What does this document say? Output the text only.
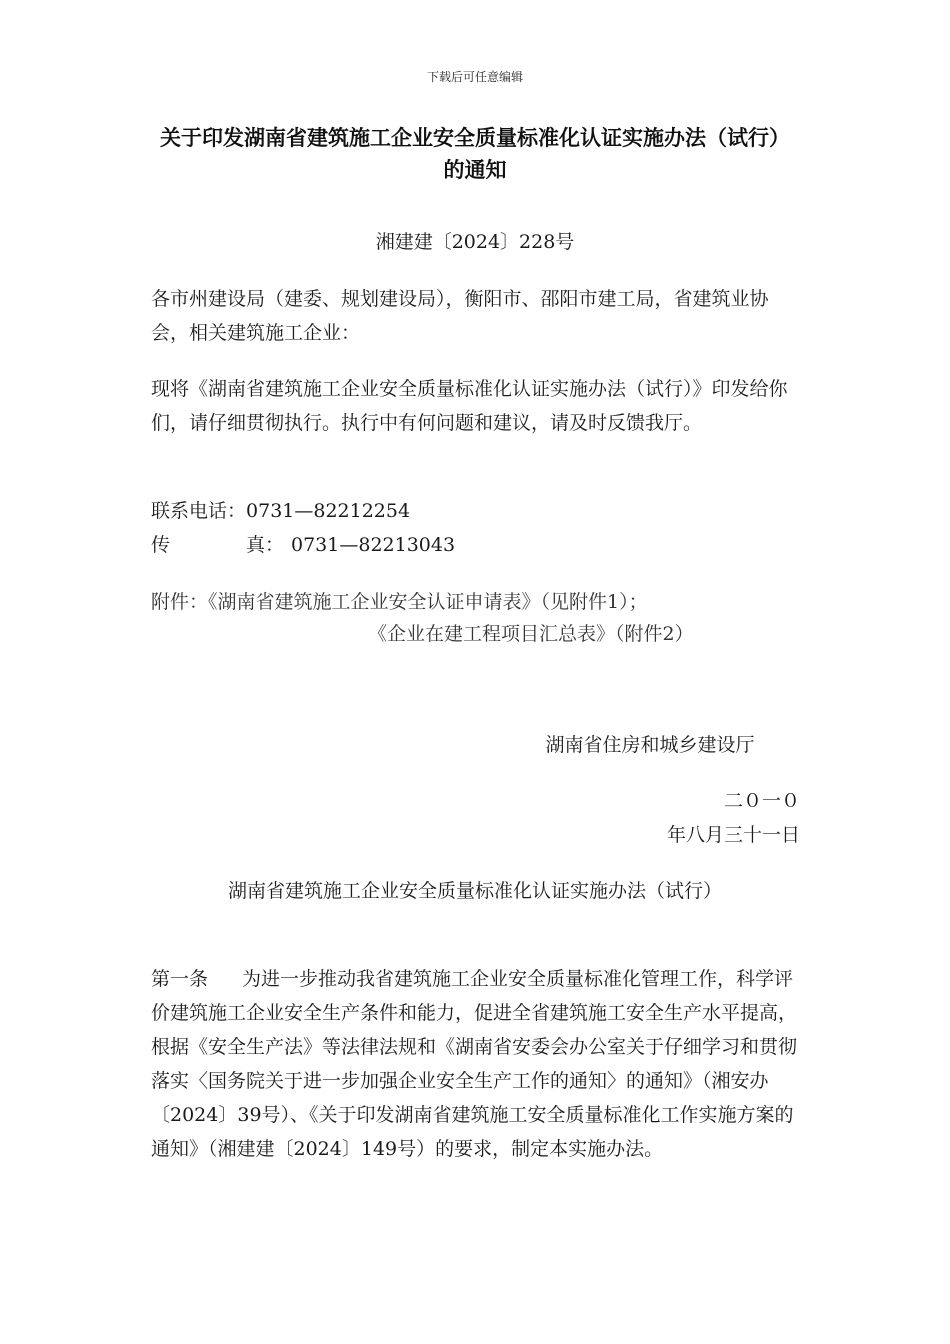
下载后可任意编辑
关于印发湖南省建筑施工企业安全质量标准化认证实施办法（试行）的通知
湘建建〔2024〕228号

各市州建设局（建委、规划建设局），衡阳市、邵阳市建工局，省建筑业协会，相关建筑施工企业：

现将《湖南省建筑施工企业安全质量标准化认证实施办法（试行）》印发给你们，请仔细贯彻执行。执行中有何问题和建议，请及时反馈我厅。

联系电话：0731—82212254
传　　　　真： 0731—82213043
附件：《湖南省建筑施工企业安全认证申请表》（见附件1）；
《企业在建工程项目汇总表》（附件2）
湖南省住房和城乡建设厅
二０一０
年八月三十一日
湖南省建筑施工企业安全质量标准化认证实施办法（试行）

第一条 为进一步推动我省建筑施工企业安全质量标准化管理工作，科学评价建筑施工企业安全生产条件和能力，促进全省建筑施工安全生产水平提高，根据《安全生产法》等法律法规和《湖南省安委会办公室关于仔细学习和贯彻落实〈国务院关于进一步加强企业安全生产工作的通知〉的通知》（湘安办〔2024〕39号）、《关于印发湖南省建筑施工安全质量标准化工作实施方案的通知》（湘建建〔2024〕149号）的要求，制定本实施办法。
